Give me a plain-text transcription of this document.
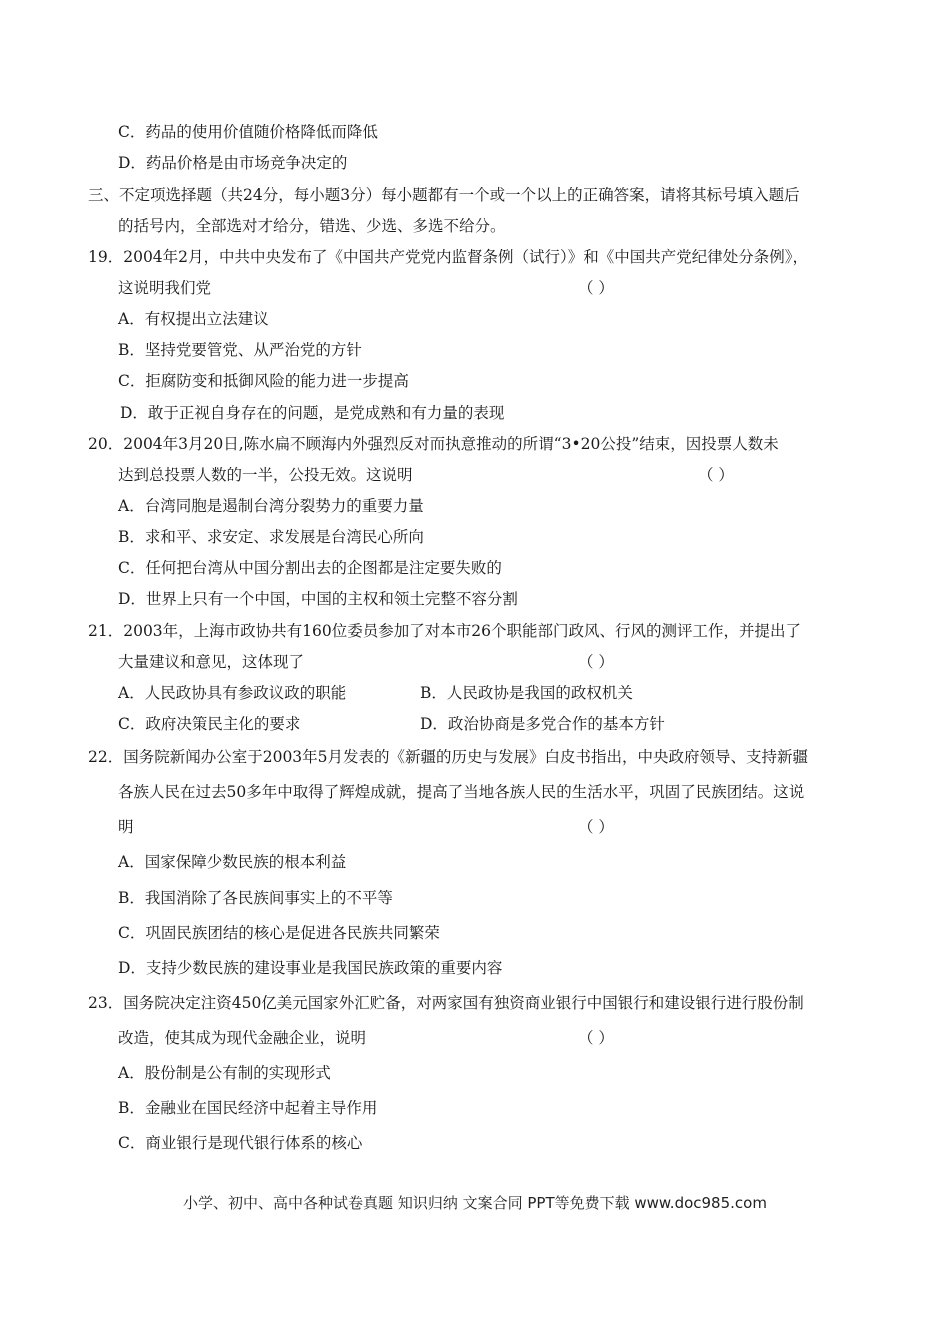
C．药品的使用价值随价格降低而降低
D．药品价格是由市场竞争决定的
三、不定项选择题（共24分，每小题3分）每小题都有一个或一个以上的正确答案，请将其标号填入题后
的括号内，全部选对才给分，错选、少选、多选不给分。
19．2004年2月，中共中央发布了《中国共产党党内监督条例（试行）》和《中国共产党纪律处分条例》，
这说明我们党	（ ）
A．有权提出立法建议
B．坚持党要管党、从严治党的方针
C．拒腐防变和抵御风险的能力进一步提高
D．敢于正视自身存在的问题，是党成熟和有力量的表现
20．2004年3月20日,陈水扁不顾海内外强烈反对而执意推动的所谓“3•20公投”结束，因投票人数未
达到总投票人数的一半，公投无效。这说明	（ ）
A．台湾同胞是遏制台湾分裂势力的重要力量
B．求和平、求安定、求发展是台湾民心所向
C．任何把台湾从中国分割出去的企图都是注定要失败的
D．世界上只有一个中国，中国的主权和领土完整不容分割
21．2003年，上海市政协共有160位委员参加了对本市26个职能部门政风、行风的测评工作，并提出了
大量建议和意见，这体现了	（ ）
A．人民政协具有参政议政的职能	B．人民政协是我国的政权机关
C．政府决策民主化的要求	D．政治协商是多党合作的基本方针
22．国务院新闻办公室于2003年5月发表的《新疆的历史与发展》白皮书指出，中央政府领导、支持新疆
各族人民在过去50多年中取得了辉煌成就，提高了当地各族人民的生活水平，巩固了民族团结。这说
明	（ ）
A．国家保障少数民族的根本利益
B．我国消除了各民族间事实上的不平等
C．巩固民族团结的核心是促进各民族共同繁荣
D．支持少数民族的建设事业是我国民族政策的重要内容
23．国务院决定注资450亿美元国家外汇贮备，对两家国有独资商业银行中国银行和建设银行进行股份制
改造，使其成为现代金融企业，说明	（ ）
A．股份制是公有制的实现形式
B．金融业在国民经济中起着主导作用
C．商业银行是现代银行体系的核心
小学、初中、高中各种试卷真题 知识归纳 文案合同 PPT等免费下载 www.doc985.com
